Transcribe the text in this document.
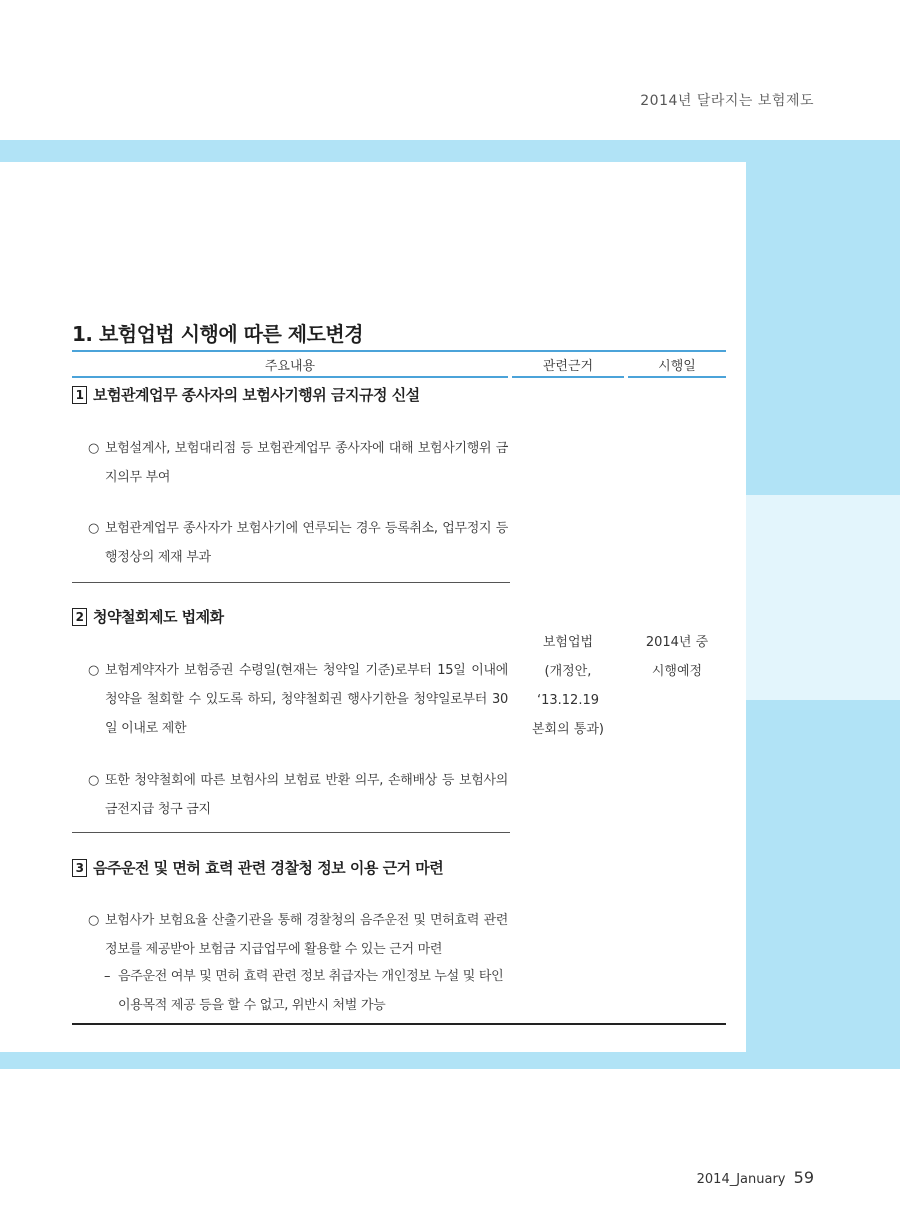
2014년 달라지는 보험제도
1. 보험업법 시행에 따른 제도변경
주요내용	관련근거	시행일
1 보험관계업무 종사자의 보험사기행위 금지규정 신설
○ 보험설계사, 보험대리점 등 보험관계업무 종사자에 대해 보험사기행위 금지의무 부여
○ 보험관계업무 종사자가 보험사기에 연루되는 경우 등록취소, 업무정지 등 행정상의 제재 부과
2 청약철회제도 법제화
○ 보험계약자가 보험증권 수령일(현재는 청약일 기준)로부터 15일 이내에 청약을 철회할 수 있도록 하되, 청약철회권 행사기한을 청약일로부터 30일 이내로 제한
○ 또한 청약철회에 따른 보험사의 보험료 반환 의무, 손해배상 등 보험사의 금전지급 청구 금지
보험업법
(개정안, ‘13.12.19
본회의 통과)
2014년 중
시행예정
3 음주운전 및 면허 효력 관련 경찰청 정보 이용 근거 마련
○ 보험사가 보험요율 산출기관을 통해 경찰청의 음주운전 및 면허효력 관련 정보를 제공받아 보험금 지급업무에 활용할 수 있는 근거 마련
– 음주운전 여부 및 면허 효력 관련 정보 취급자는 개인정보 누설 및 타인 이용목적 제공 등을 할 수 없고, 위반시 처벌 가능
2014_January 59
